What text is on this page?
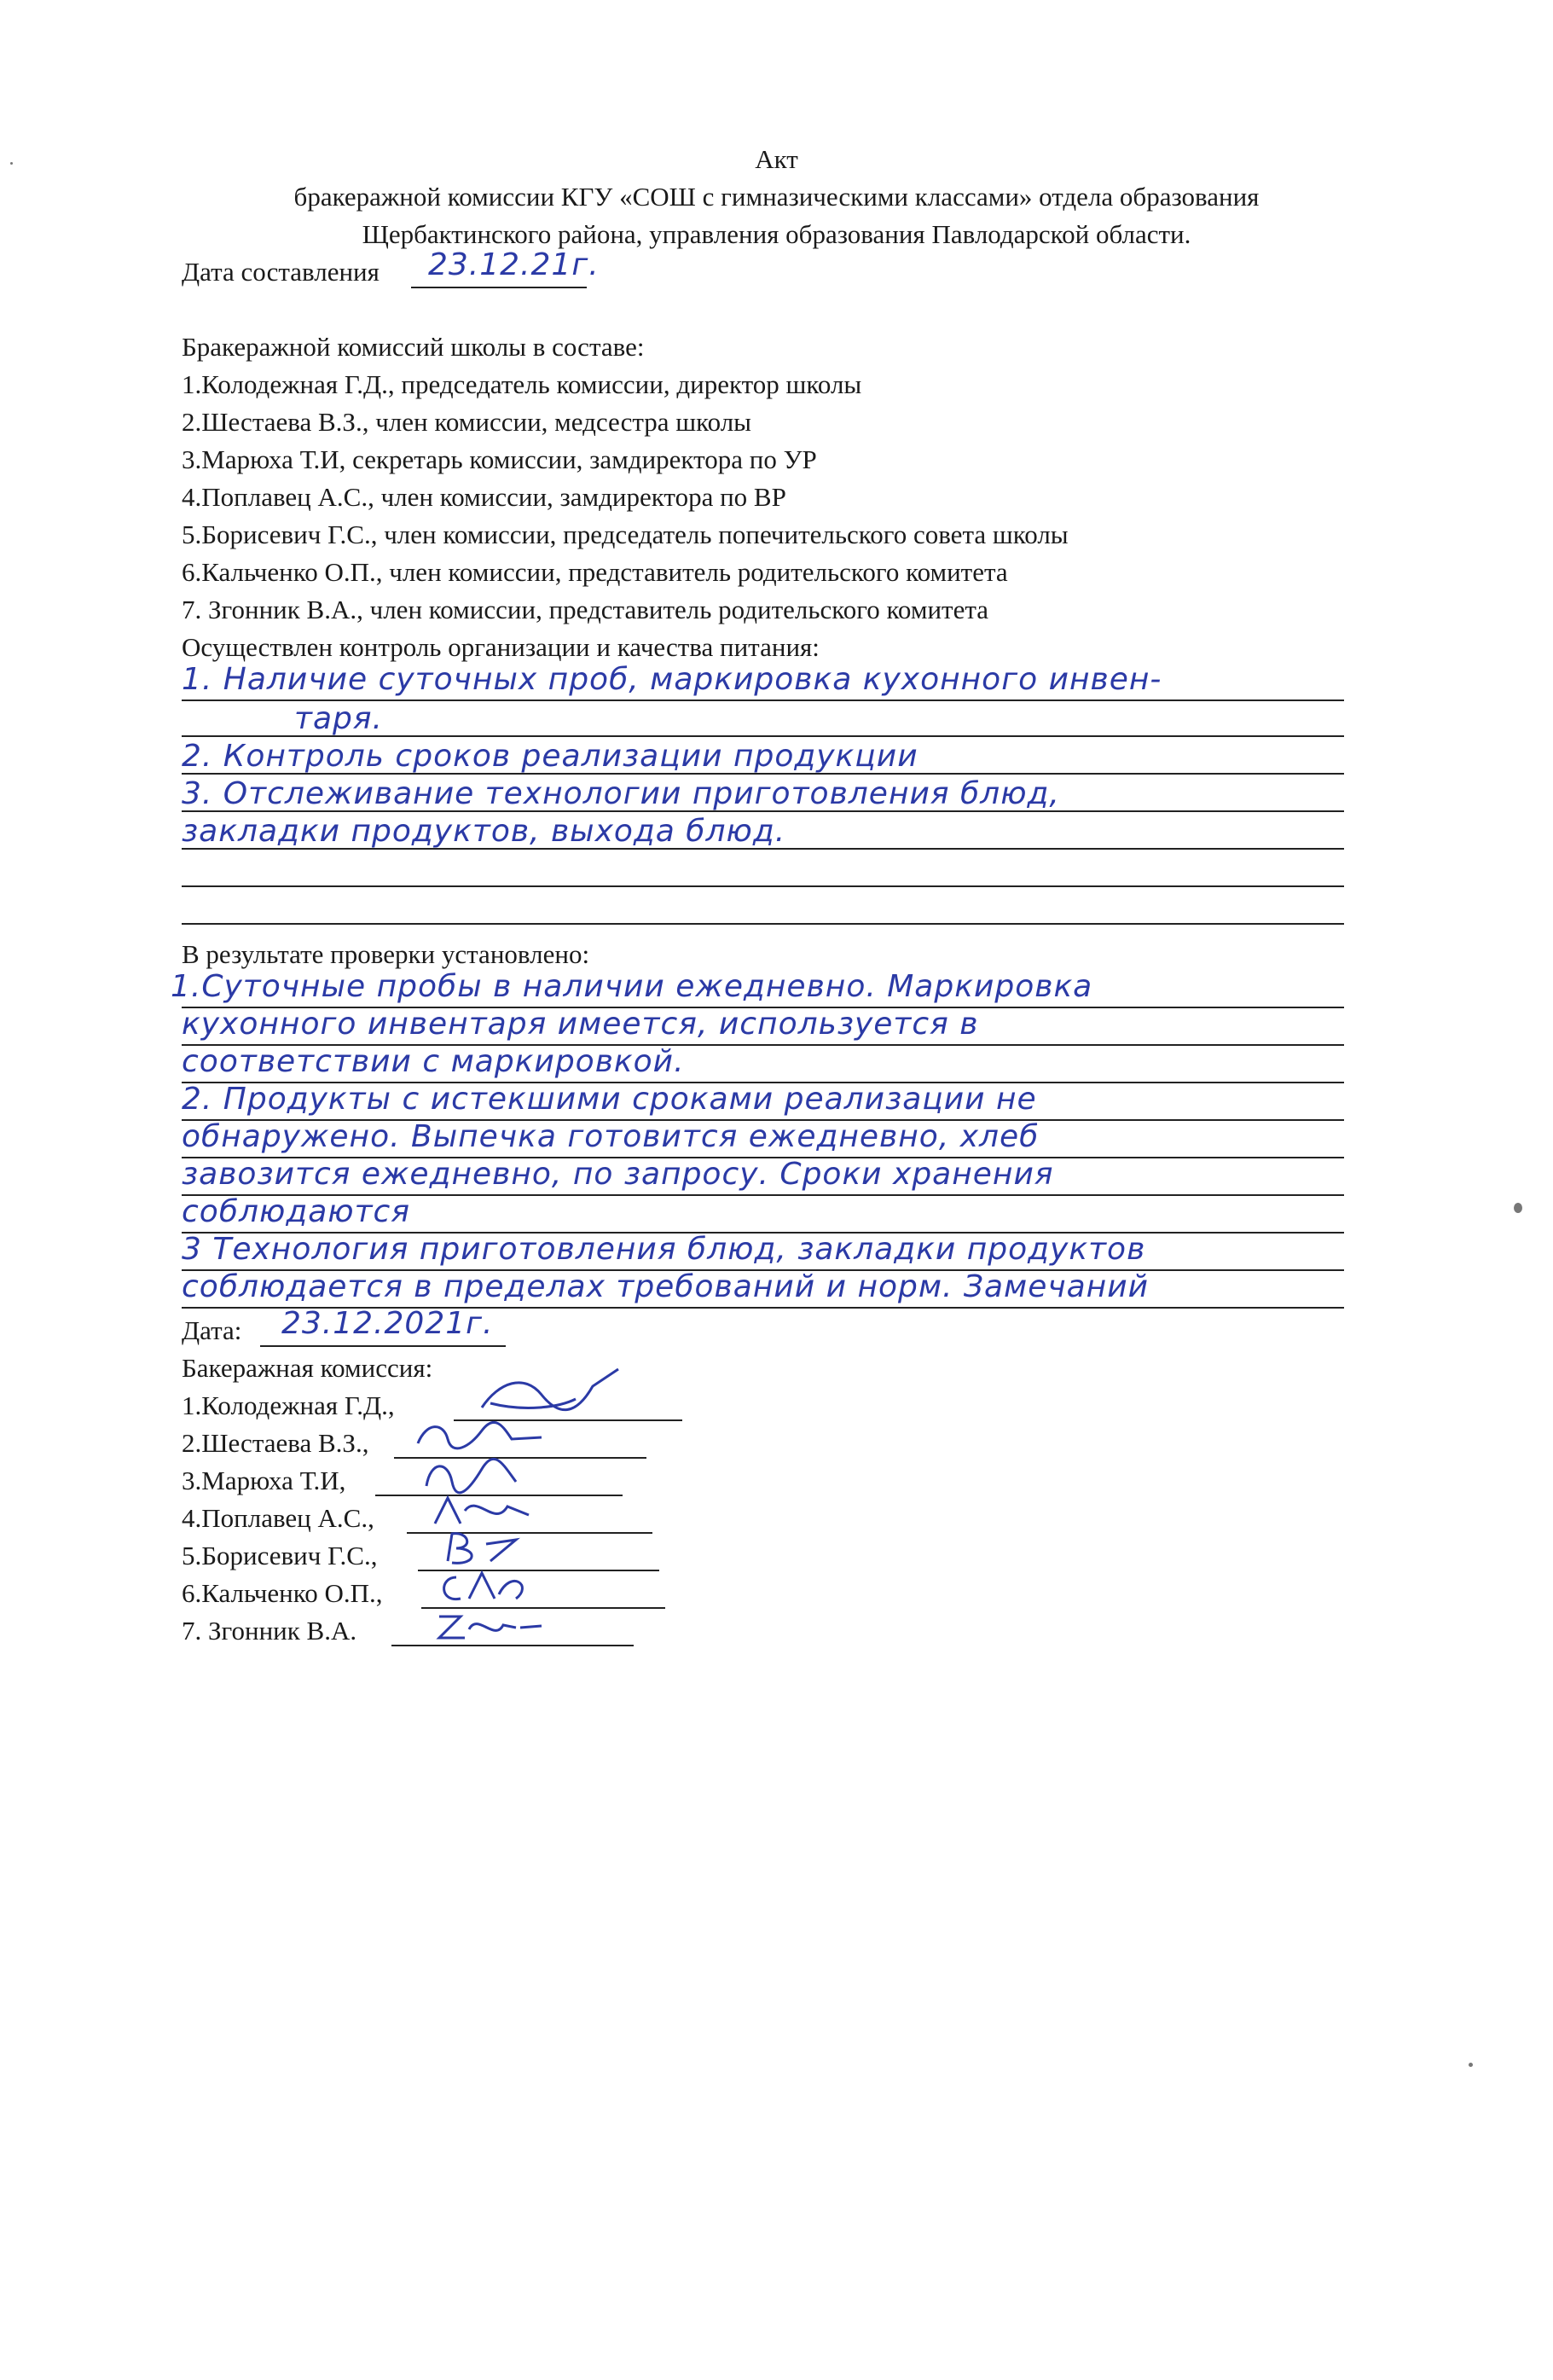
Акт
бракеражной комиссии КГУ «СОШ с гимназическими классами» отдела образования
Щербактинского района, управления образования Павлодарской области.
Дата составления 23.12.21г.
Бракеражной комиссий школы в составе:
1.Колодежная Г.Д., председатель комиссии, директор школы
2.Шестаева В.З., член комиссии, медсестра школы
3.Марюха Т.И, секретарь комиссии, замдиректора по УР
4.Поплавец А.С., член комиссии, замдиректора по ВР
5.Борисевич Г.С., член комиссии, председатель попечительского совета школы
6.Кальченко О.П., член комиссии, представитель родительского комитета
7. Згонник В.А., член комиссии, представитель родительского комитета
Осуществлен контроль организации и качества питания:
1. Наличие суточных проб, маркировка кухонного инвен-
таря.
2. Контроль сроков реализации продукции
3. Отслеживание технологии приготовления блюд,
закладки продуктов, выхода блюд.
В результате проверки установлено:
1.Суточные пробы в наличии ежедневно. Маркировка
кухонного инвентаря имеется, используется в
соответствии с маркировкой.
2. Продукты с истекшими сроками реализации не
обнаружено. Выпечка готовится ежедневно, хлеб
завозится ежедневно, по запросу. Сроки хранения
соблюдаются
3 Технология приготовления блюд, закладки продуктов
соблюдается в пределах требований и норм. Замечаний
Дата: 23.12.2021г.
Бакеражная комиссия:
1.Колодежная Г.Д.,
2.Шестаева В.З.,
3.Марюха Т.И,
4.Поплавец А.С.,
5.Борисевич Г.С.,
6.Кальченко О.П.,
7. Згонник В.А.
